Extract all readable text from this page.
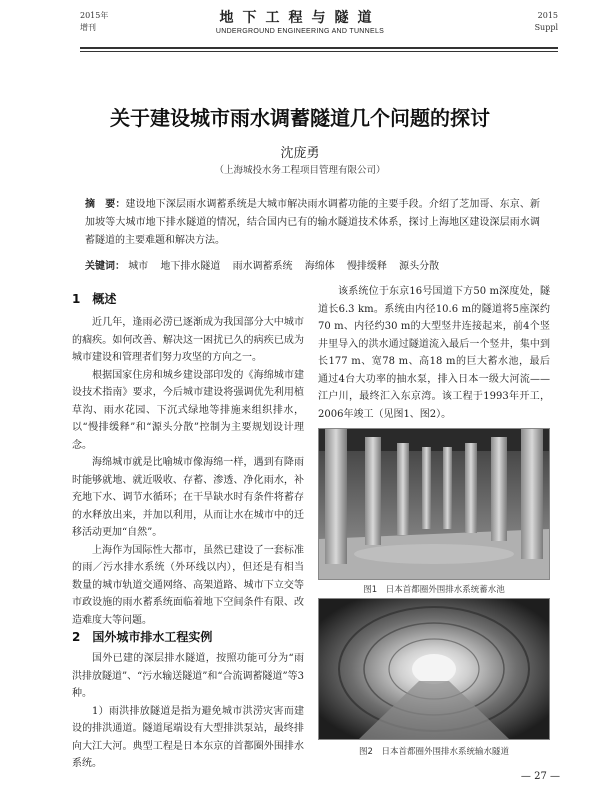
2015年
增刊
地下工程与隧道
UNDERGROUND ENGINEERING AND TUNNELS
2015
Suppl
关于建设城市雨水调蓄隧道几个问题的探讨
沈庞勇
（上海城投水务工程项目管理有限公司）
摘　要：建设地下深层雨水调蓄系统是大城市解决雨水调蓄功能的主要手段。介绍了芝加哥、东京、新加坡等大城市地下排水隧道的情况，结合国内已有的输水隧道技术体系，探讨上海地区建设深层雨水调蓄隧道的主要难题和解决方法。
关键词： 城市 地下排水隧道 雨水调蓄系统 海绵体 慢排缓释 源头分散
1 概述

近几年，逢雨必涝已逐渐成为我国部分大中城市的痼疾。如何改善、解决这一困扰已久的病疾已成为城市建设和管理者们努力攻坚的方向之一。

根据国家住房和城乡建设部印发的《海绵城市建设技术指南》要求，今后城市建设将强调优先利用植草沟、雨水花园、下沉式绿地等排施来组织排水，以“慢排缓释”和“源头分散”控制为主要规划设计理念。

海绵城市就是比喻城市像海绵一样，遇到有降雨时能够就地、就近吸收、存蓄、渗透、净化雨水，补充地下水、调节水循环；在干旱缺水时有条件将蓄存的水释放出来，并加以利用，从而让水在城市中的迁移活动更加“自然”。

上海作为国际性大都市，虽然已建设了一套标准的雨／污水排水系统（外环线以内），但还是有相当数量的城市轨道交通网络、高架道路、城市下立交等市政设施的雨水蓄系统面临着地下空间条件有限、改造难度大等问题。

2 国外城市排水工程实例

国外已建的深层排水隧道，按照功能可分为“雨洪排放隧道”、“污水输送隧道”和“合流调蓄隧道”等3种。

1）雨洪排放隧道是指为避免城市洪涝灾害而建设的排洪通道。隧道尾端设有大型排洪泵站，最终排向大江大河。典型工程是日本东京的首都圈外围排水系统。

该系统位于东京16号国道下方50 m深度处，隧道长6.3 km。系统由内径10.6 m的隧道将5座深约70 m、内径约30 m的大型竖井连接起来，前4个竖井里导入的洪水通过隧道流入最后一个竖井，集中到长177 m、宽78 m、高18 m的巨大蓄水池，最后通过4台大功率的抽水泵，排入日本一级大河流——江户川，最终汇入东京湾。该工程于1993年开工，2006年竣工（见图1、图2）。

图1　日本首都圈外围排水系统蓄水池
图2　日本首都圈外围排水系统输水隧道
— 27 —
